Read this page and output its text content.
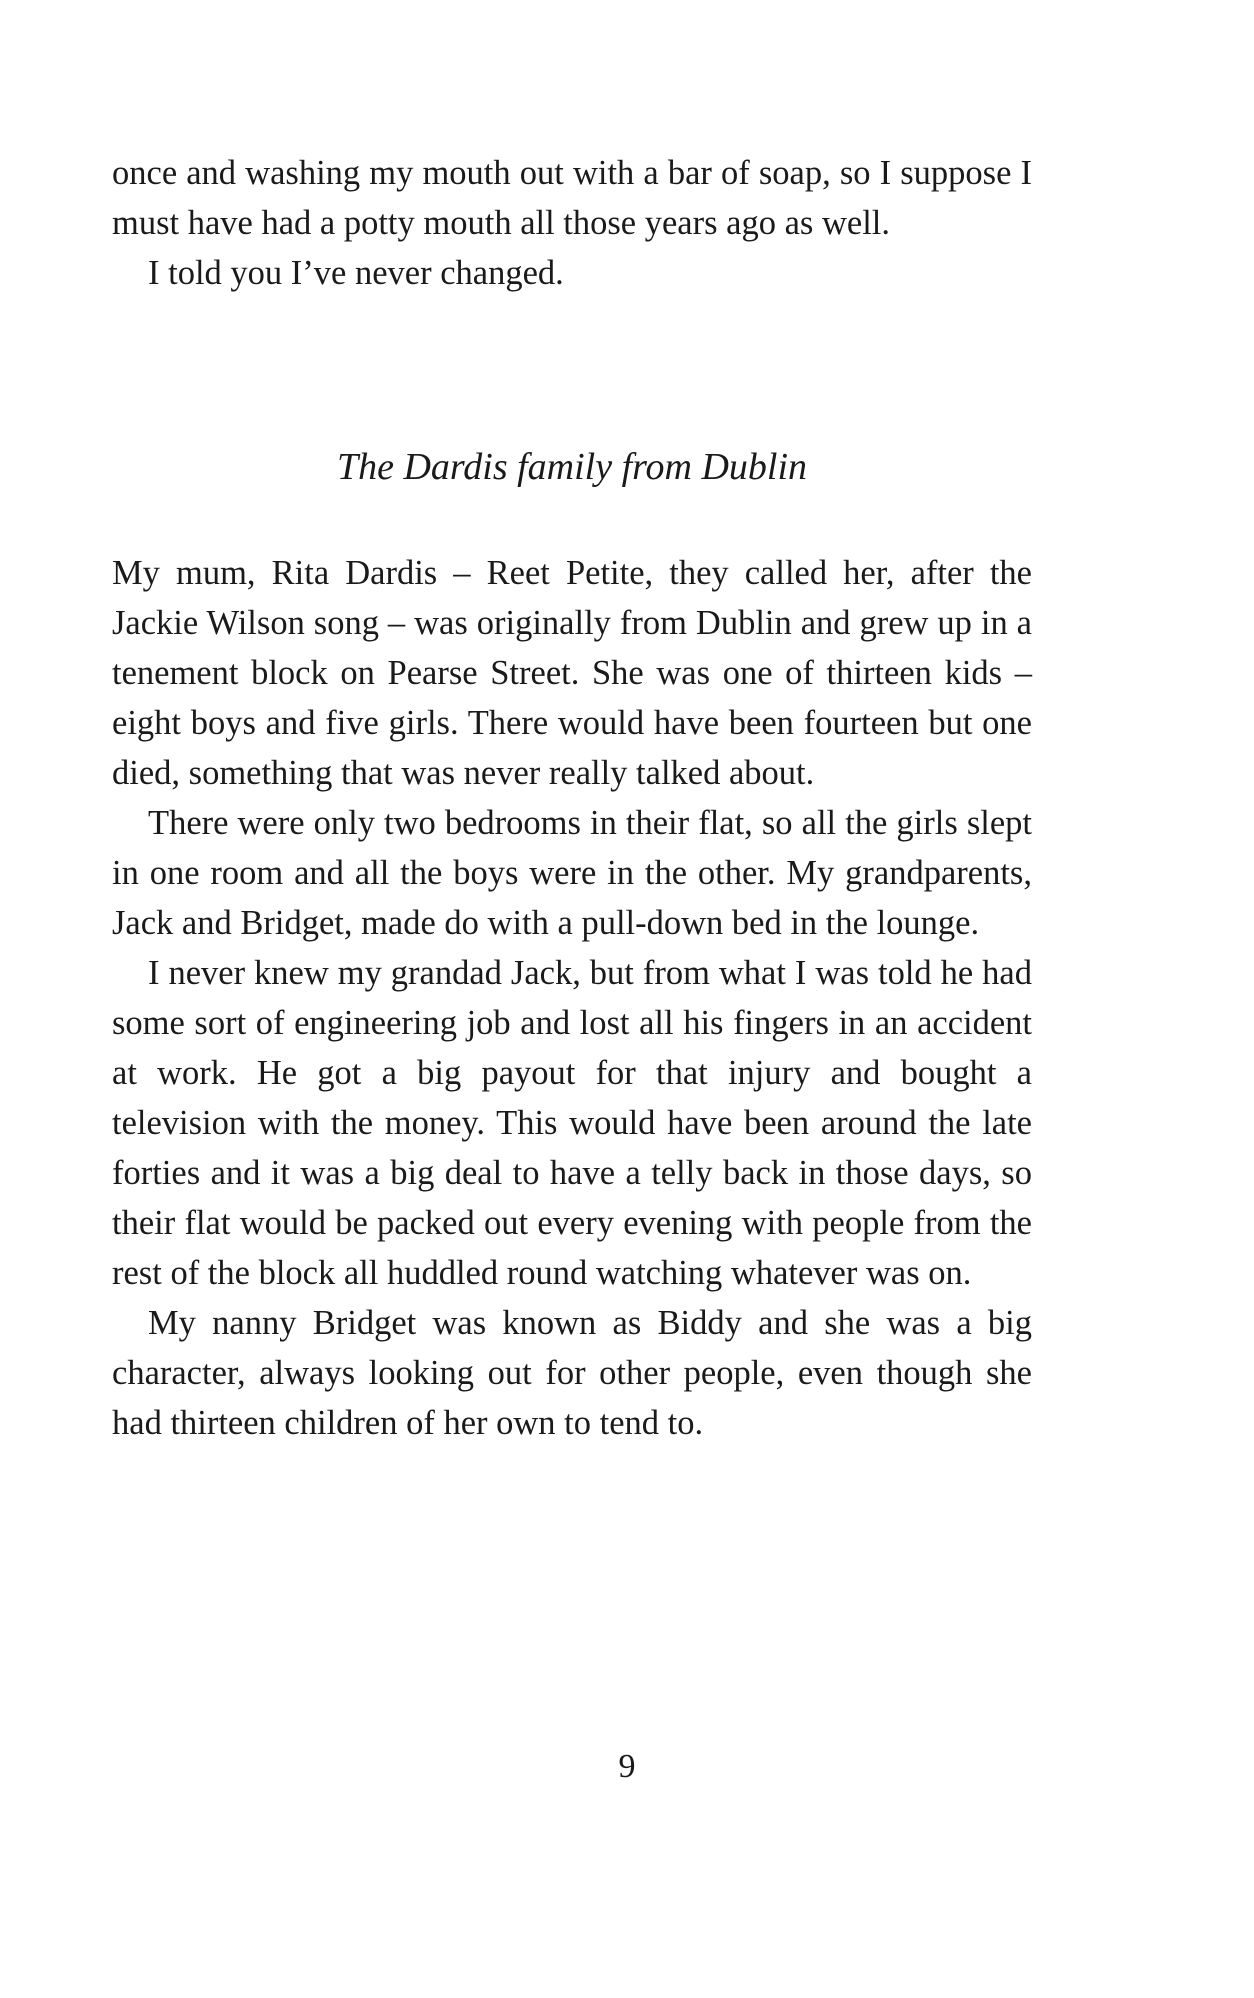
once and washing my mouth out with a bar of soap, so I suppose I must have had a potty mouth all those years ago as well.

I told you I’ve never changed.

The Dardis family from Dublin

My mum, Rita Dardis – Reet Petite, they called her, after the Jackie Wilson song – was originally from Dublin and grew up in a tenement block on Pearse Street. She was one of thirteen kids – eight boys and five girls. There would have been fourteen but one died, something that was never really talked about.

There were only two bedrooms in their flat, so all the girls slept in one room and all the boys were in the other. My grandparents, Jack and Bridget, made do with a pull-down bed in the lounge.

I never knew my grandad Jack, but from what I was told he had some sort of engineering job and lost all his fingers in an accident at work. He got a big payout for that injury and bought a television with the money. This would have been around the late forties and it was a big deal to have a telly back in those days, so their flat would be packed out every evening with people from the rest of the block all huddled round watching whatever was on.

My nanny Bridget was known as Biddy and she was a big character, always looking out for other people, even though she had thirteen children of her own to tend to.

9
